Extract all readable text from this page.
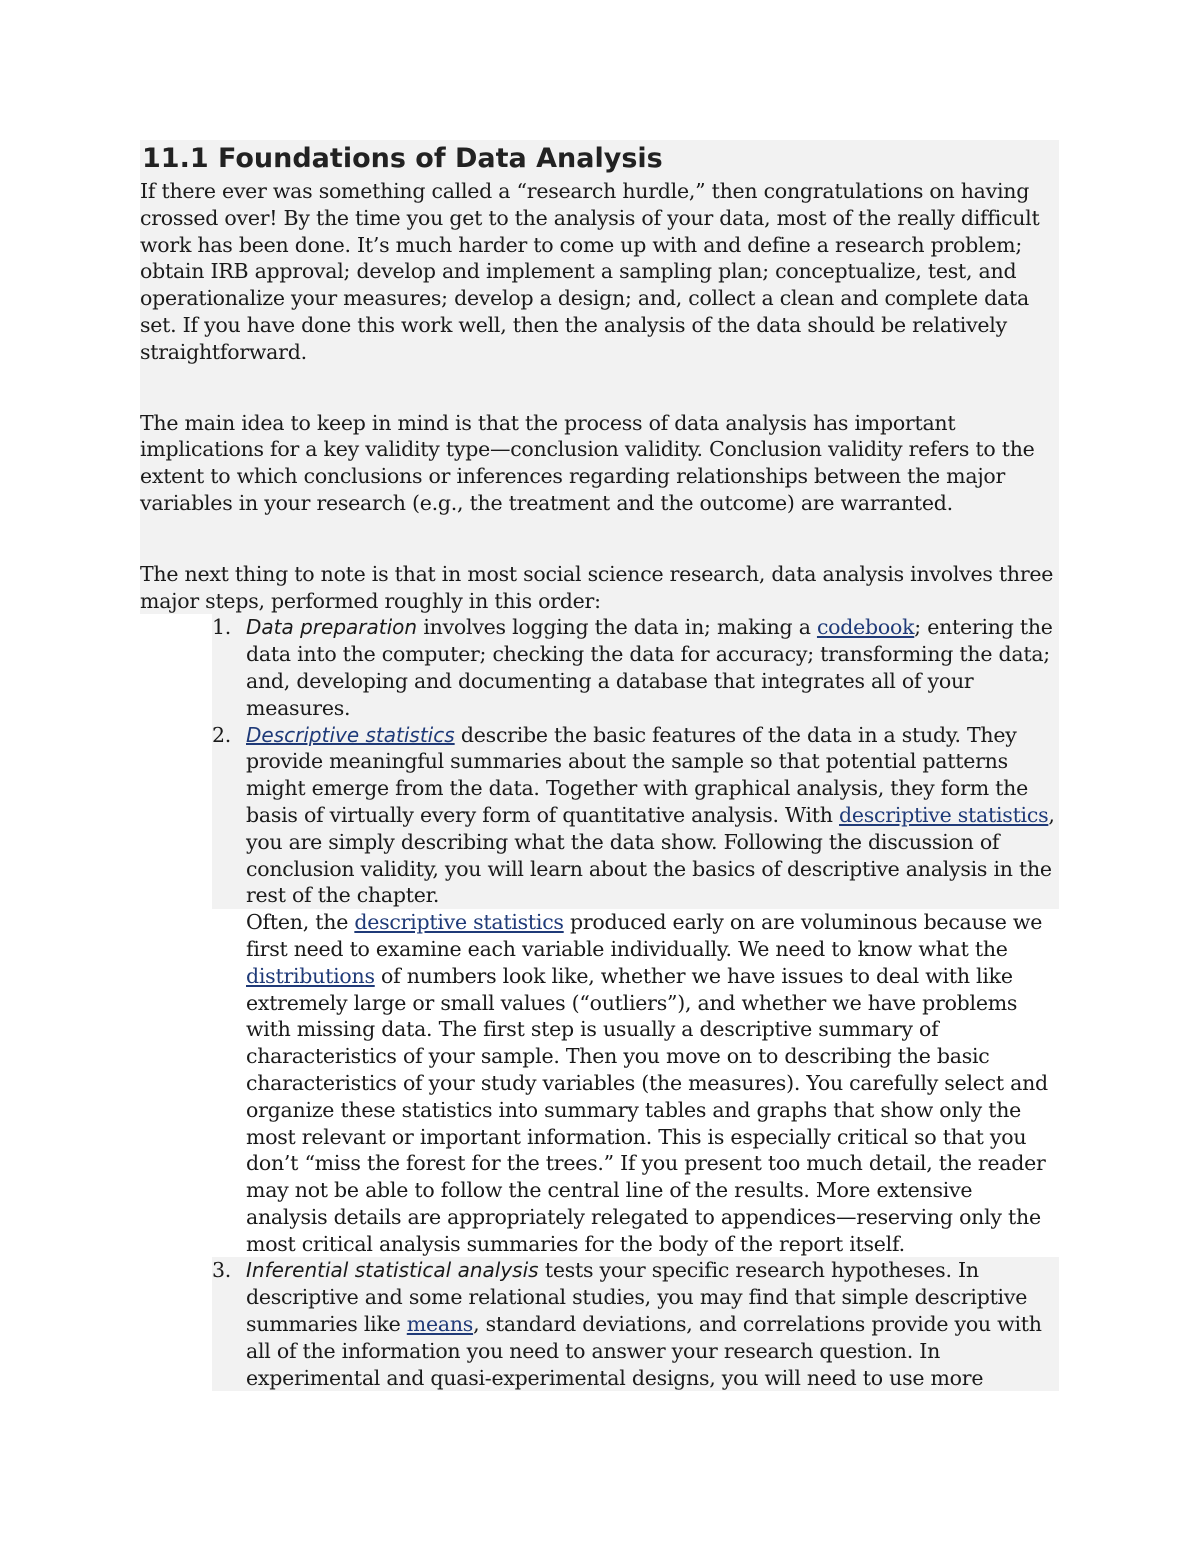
11.1 Foundations of Data Analysis

If there ever was something called a “research hurdle,” then congratulations on having crossed over! By the time you get to the analysis of your data, most of the really difficult work has been done. It’s much harder to come up with and define a research problem; obtain IRB approval; develop and implement a sampling plan; conceptualize, test, and operationalize your measures; develop a design; and, collect a clean and complete data set. If you have done this work well, then the analysis of the data should be relatively straightforward.

The main idea to keep in mind is that the process of data analysis has important implications for a key validity type—conclusion validity. Conclusion validity refers to the extent to which conclusions or inferences regarding relationships between the major variables in your research (e.g., the treatment and the outcome) are warranted.

The next thing to note is that in most social science research, data analysis involves three major steps, performed roughly in this order:

1. Data preparation involves logging the data in; making a codebook; entering the data into the computer; checking the data for accuracy; transforming the data; and, developing and documenting a database that integrates all of your measures.
2. Descriptive statistics describe the basic features of the data in a study. They provide meaningful summaries about the sample so that potential patterns might emerge from the data. Together with graphical analysis, they form the basis of virtually every form of quantitative analysis. With descriptive statistics, you are simply describing what the data show. Following the discussion of conclusion validity, you will learn about the basics of descriptive analysis in the rest of the chapter.
Often, the descriptive statistics produced early on are voluminous because we first need to examine each variable individually. We need to know what the distributions of numbers look like, whether we have issues to deal with like extremely large or small values (“outliers”), and whether we have problems with missing data. The first step is usually a descriptive summary of characteristics of your sample. Then you move on to describing the basic characteristics of your study variables (the measures). You carefully select and organize these statistics into summary tables and graphs that show only the most relevant or important information. This is especially critical so that you don’t “miss the forest for the trees.” If you present too much detail, the reader may not be able to follow the central line of the results. More extensive analysis details are appropriately relegated to appendices—reserving only the most critical analysis summaries for the body of the report itself.
3. Inferential statistical analysis tests your specific research hypotheses. In descriptive and some relational studies, you may find that simple descriptive summaries like means, standard deviations, and correlations provide you with all of the information you need to answer your research question. In experimental and quasi-experimental designs, you will need to use more
